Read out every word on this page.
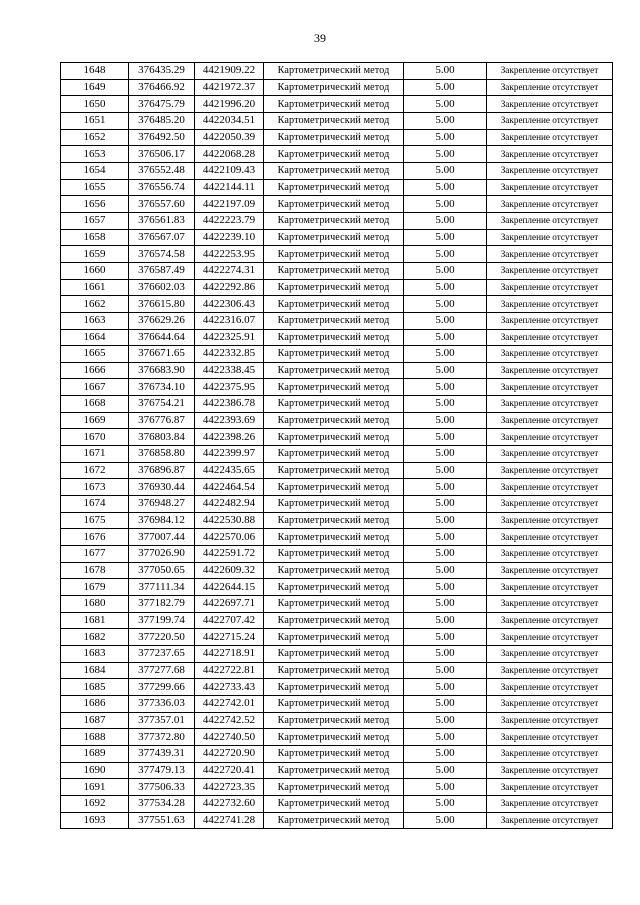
39
1648	376435.29	4421909.22	Картометрический метод	5.00	Закрепление отсутствует
1649	376466.92	4421972.37	Картометрический метод	5.00	Закрепление отсутствует
1650	376475.79	4421996.20	Картометрический метод	5.00	Закрепление отсутствует
1651	376485.20	4422034.51	Картометрический метод	5.00	Закрепление отсутствует
1652	376492.50	4422050.39	Картометрический метод	5.00	Закрепление отсутствует
1653	376506.17	4422068.28	Картометрический метод	5.00	Закрепление отсутствует
1654	376552.48	4422109.43	Картометрический метод	5.00	Закрепление отсутствует
1655	376556.74	4422144.11	Картометрический метод	5.00	Закрепление отсутствует
1656	376557.60	4422197.09	Картометрический метод	5.00	Закрепление отсутствует
1657	376561.83	4422223.79	Картометрический метод	5.00	Закрепление отсутствует
1658	376567.07	4422239.10	Картометрический метод	5.00	Закрепление отсутствует
1659	376574.58	4422253.95	Картометрический метод	5.00	Закрепление отсутствует
1660	376587.49	4422274.31	Картометрический метод	5.00	Закрепление отсутствует
1661	376602.03	4422292.86	Картометрический метод	5.00	Закрепление отсутствует
1662	376615.80	4422306.43	Картометрический метод	5.00	Закрепление отсутствует
1663	376629.26	4422316.07	Картометрический метод	5.00	Закрепление отсутствует
1664	376644.64	4422325.91	Картометрический метод	5.00	Закрепление отсутствует
1665	376671.65	4422332.85	Картометрический метод	5.00	Закрепление отсутствует
1666	376683.90	4422338.45	Картометрический метод	5.00	Закрепление отсутствует
1667	376734.10	4422375.95	Картометрический метод	5.00	Закрепление отсутствует
1668	376754.21	4422386.78	Картометрический метод	5.00	Закрепление отсутствует
1669	376776.87	4422393.69	Картометрический метод	5.00	Закрепление отсутствует
1670	376803.84	4422398.26	Картометрический метод	5.00	Закрепление отсутствует
1671	376858.80	4422399.97	Картометрический метод	5.00	Закрепление отсутствует
1672	376896.87	4422435.65	Картометрический метод	5.00	Закрепление отсутствует
1673	376930.44	4422464.54	Картометрический метод	5.00	Закрепление отсутствует
1674	376948.27	4422482.94	Картометрический метод	5.00	Закрепление отсутствует
1675	376984.12	4422530.88	Картометрический метод	5.00	Закрепление отсутствует
1676	377007.44	4422570.06	Картометрический метод	5.00	Закрепление отсутствует
1677	377026.90	4422591.72	Картометрический метод	5.00	Закрепление отсутствует
1678	377050.65	4422609.32	Картометрический метод	5.00	Закрепление отсутствует
1679	377111.34	4422644.15	Картометрический метод	5.00	Закрепление отсутствует
1680	377182.79	4422697.71	Картометрический метод	5.00	Закрепление отсутствует
1681	377199.74	4422707.42	Картометрический метод	5.00	Закрепление отсутствует
1682	377220.50	4422715.24	Картометрический метод	5.00	Закрепление отсутствует
1683	377237.65	4422718.91	Картометрический метод	5.00	Закрепление отсутствует
1684	377277.68	4422722.81	Картометрический метод	5.00	Закрепление отсутствует
1685	377299.66	4422733.43	Картометрический метод	5.00	Закрепление отсутствует
1686	377336.03	4422742.01	Картометрический метод	5.00	Закрепление отсутствует
1687	377357.01	4422742.52	Картометрический метод	5.00	Закрепление отсутствует
1688	377372.80	4422740.50	Картометрический метод	5.00	Закрепление отсутствует
1689	377439.31	4422720.90	Картометрический метод	5.00	Закрепление отсутствует
1690	377479.13	4422720.41	Картометрический метод	5.00	Закрепление отсутствует
1691	377506.33	4422723.35	Картометрический метод	5.00	Закрепление отсутствует
1692	377534.28	4422732.60	Картометрический метод	5.00	Закрепление отсутствует
1693	377551.63	4422741.28	Картометрический метод	5.00	Закрепление отсутствует
